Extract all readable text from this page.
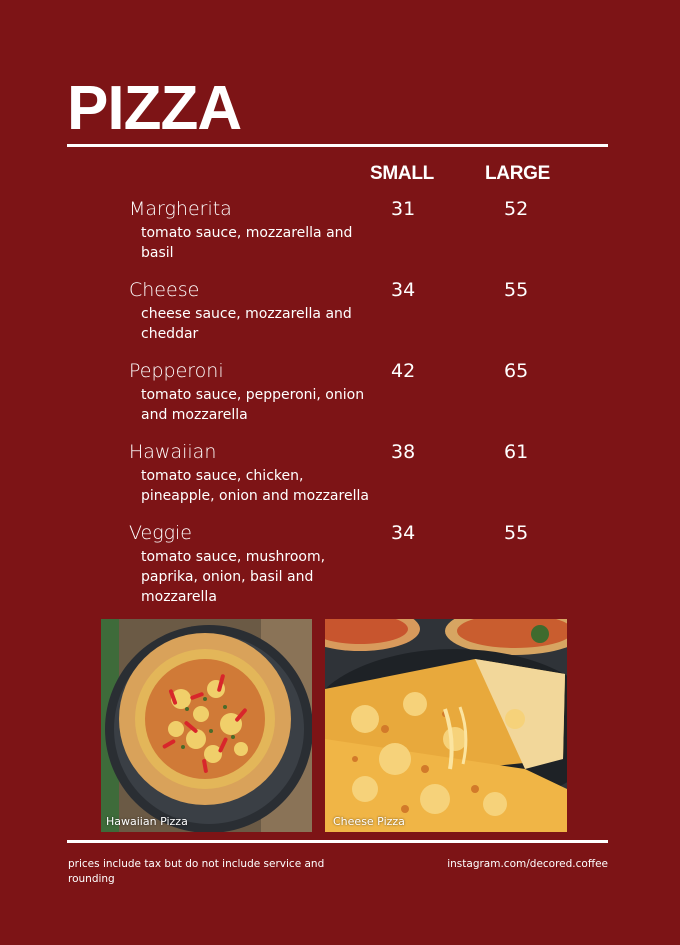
PIZZA
SMALL	LARGE
Margherita
tomato sauce, mozzarella and basil
31	52
Cheese
cheese sauce, mozzarella and cheddar
34	55
Pepperoni
tomato sauce, pepperoni, onion and mozzarella
42	65
Hawaiian
tomato sauce, chicken, pineapple, onion and mozzarella
38	61
Veggie
tomato sauce, mushroom, paprika, onion, basil and mozzarella
34	55
Hawaiian Pizza	Cheese Pizza
prices include tax but do not include service and rounding
instagram.com/decored.coffee
